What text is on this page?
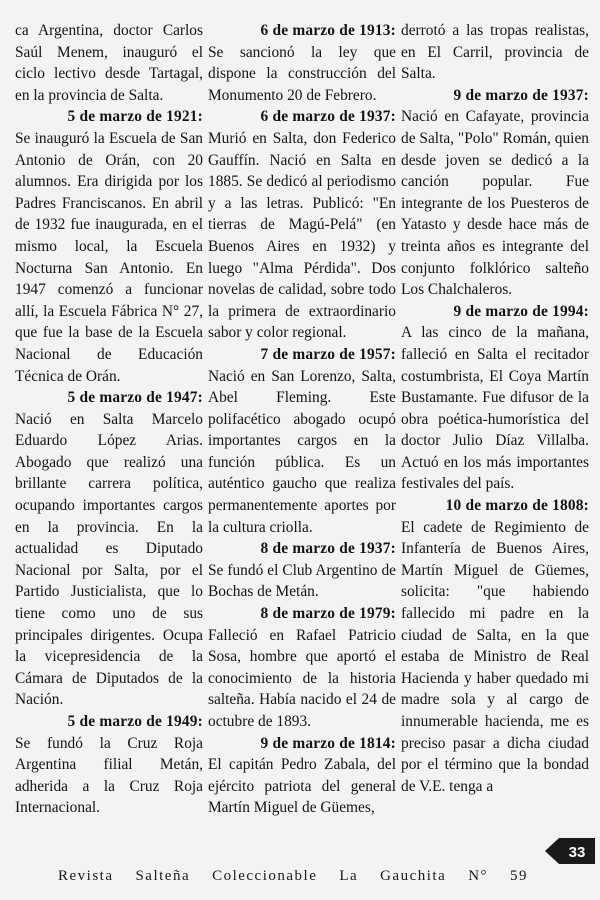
ca Argentina, doctor Carlos Saúl Menem, inauguró el ciclo lectivo desde Tartagal, en la provincia de Salta.

5 de marzo de 1921:

Se inauguró la Escuela de San Antonio de Orán, con 20 alumnos. Era dirigida por los Padres Franciscanos. En abril de 1932 fue inaugurada, en el mismo local, la Escuela Nocturna San Antonio. En 1947 comenzó a funcionar allí, la Escuela Fábrica N° 27, que fue la base de la Escuela Nacional de Educación Técnica de Orán.

5 de marzo de 1947:

Nació en Salta Marcelo Eduardo López Arias. Abogado que realizó una brillante carrera política, ocupando importantes cargos en la provincia. En la actualidad es Diputado Nacional por Salta, por el Partido Justicialista, que lo tiene como uno de sus principales dirigentes. Ocupa la vicepresidencia de la Cámara de Diputados de la Nación.

5 de marzo de 1949:

Se fundó la Cruz Roja Argentina filial Metán, adherida a la Cruz Roja Internacional.

6 de marzo de 1913:

Se sancionó la ley que dispone la construcción del Monumento 20 de Febrero.

6 de marzo de 1937:

Murió en Salta, don Federico Gauffín. Nació en Salta en 1885. Se dedicó al periodismo y a las letras. Publicó: "En tierras de Magú-Pelá" (en Buenos Aires en 1932) y luego "Alma Pérdida". Dos novelas de calidad, sobre todo la primera de extraordinario sabor y color regional.

7 de marzo de 1957:

Nació en San Lorenzo, Salta, Abel Fleming. Este polifacético abogado ocupó importantes cargos en la función pública. Es un auténtico gaucho que realiza permanentemente aportes por la cultura criolla.

8 de marzo de 1937:

Se fundó el Club Argentino de Bochas de Metán.

8 de marzo de 1979:

Falleció en Rafael Patricio Sosa, hombre que aportó el conocimiento de la historia salteña. Había nacido el 24 de octubre de 1893.

9 de marzo de 1814:

El capitán Pedro Zabala, del ejército patriota del general Martín Miguel de Güemes,

derrotó a las tropas realistas, en El Carril, provincia de Salta.

9 de marzo de 1937:

Nació en Cafayate, provincia de Salta, "Polo" Román, quien desde joven se dedicó a la canción popular. Fue integrante de los Puesteros de Yatasto y desde hace más de treinta años es integrante del conjunto folklórico salteño Los Chalchaleros.

9 de marzo de 1994:

A las cinco de la mañana, falleció en Salta el recitador costumbrista, El Coya Martín Bustamante. Fue difusor de la obra poética-humorística del doctor Julio Díaz Villalba. Actuó en los más importantes festivales del país.

10 de marzo de 1808:

El cadete de Regimiento de Infantería de Buenos Aires, Martín Miguel de Güemes, solicita: "que habiendo fallecido mi padre en la ciudad de Salta, en la que estaba de Ministro de Real Hacienda y haber quedado mi madre sola y al cargo de innumerable hacienda, me es preciso pasar a dicha ciudad por el término que la bondad de V.E. tenga a

Revista Salteña Coleccionable La Gauchita N° 59
33
